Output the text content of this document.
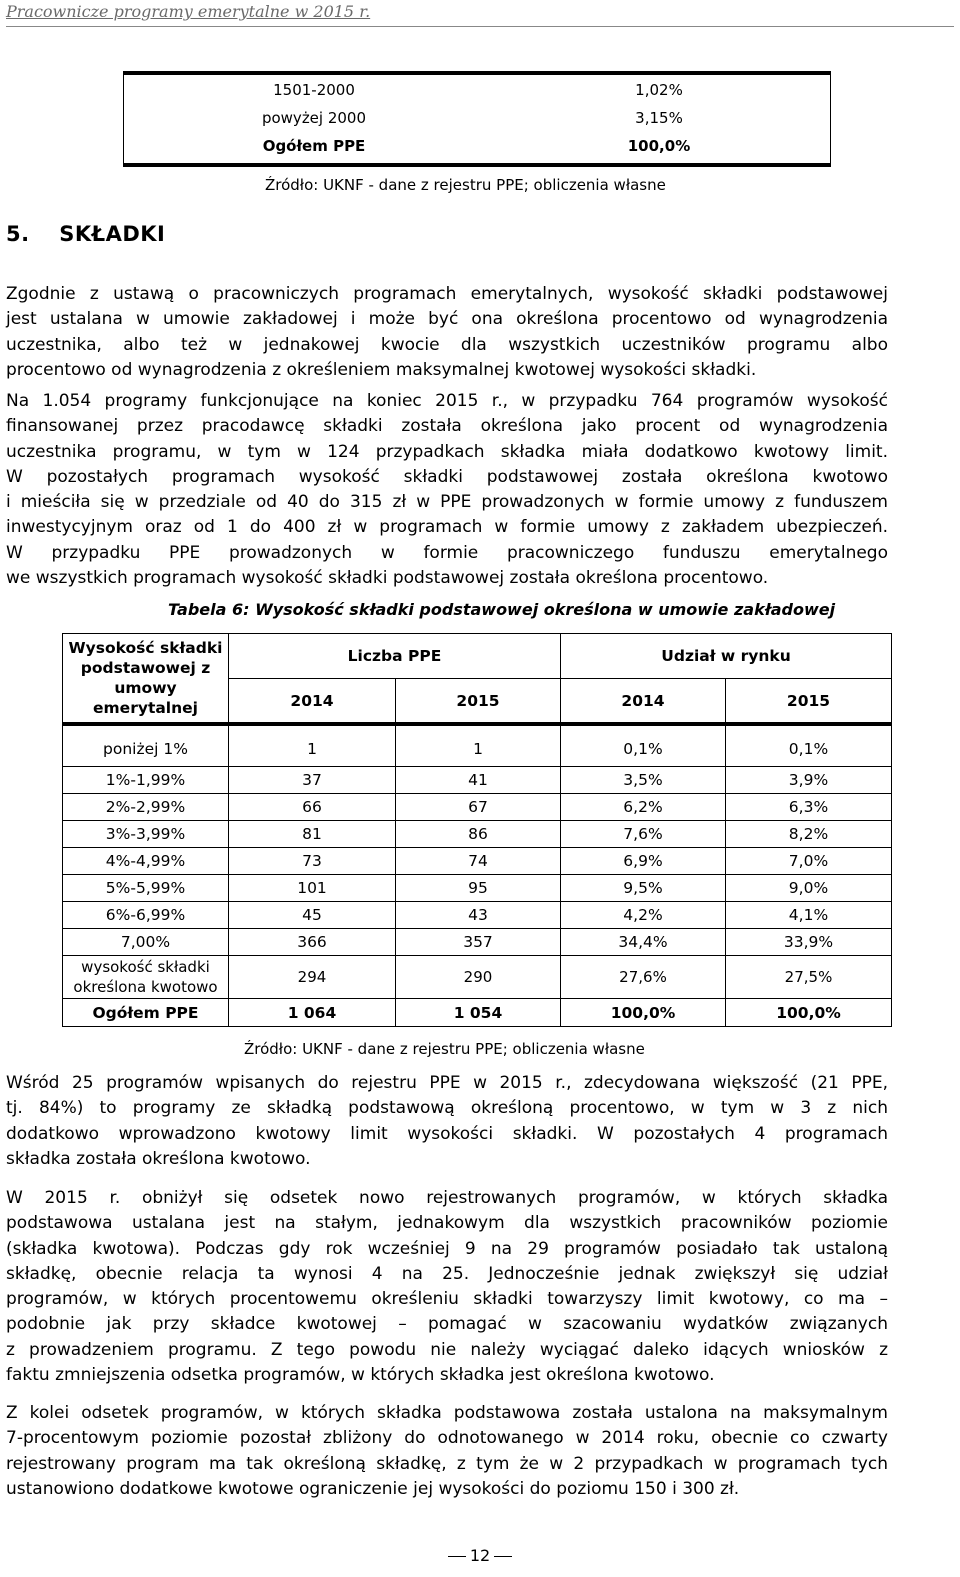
Pracownicze programy emerytalne w 2015 r.
1501-2000	1,02%
powyżej 2000	3,15%
Ogółem PPE	100,0%
Źródło: UKNF - dane z rejestru PPE; obliczenia własne
5. SKŁADKI
Zgodnie z ustawą o pracowniczych programach emerytalnych, wysokość składki podstawowej
jest ustalana w umowie zakładowej i może być ona określona procentowo od wynagrodzenia
uczestnika, albo też w jednakowej kwocie dla wszystkich uczestników programu albo
procentowo od wynagrodzenia z określeniem maksymalnej kwotowej wysokości składki.
Na 1.054 programy funkcjonujące na koniec 2015 r., w przypadku 764 programów wysokość
finansowanej przez pracodawcę składki została określona jako procent od wynagrodzenia
uczestnika programu, w tym w 124 przypadkach składka miała dodatkowo kwotowy limit.
W pozostałych programach wysokość składki podstawowej została określona kwotowo
i mieściła się w przedziale od 40 do 315 zł w PPE prowadzonych w formie umowy z funduszem
inwestycyjnym oraz od 1 do 400 zł w programach w formie umowy z zakładem ubezpieczeń.
W przypadku PPE prowadzonych w formie pracowniczego funduszu emerytalnego
we wszystkich programach wysokość składki podstawowej została określona procentowo.
Tabela 6: Wysokość składki podstawowej określona w umowie zakładowej
Wysokość składki podstawowej z umowy emerytalnej	Liczba PPE		Udział w rynku	
	2014	2015	2014	2015
poniżej 1%	1	1	0,1%	0,1%
1%-1,99%	37	41	3,5%	3,9%
2%-2,99%	66	67	6,2%	6,3%
3%-3,99%	81	86	7,6%	8,2%
4%-4,99%	73	74	6,9%	7,0%
5%-5,99%	101	95	9,5%	9,0%
6%-6,99%	45	43	4,2%	4,1%
7,00%	366	357	34,4%	33,9%
wysokość składki
określona kwotowo	294	290	27,6%	27,5%
Ogółem PPE	1 064	1 054	100,0%	100,0%
Źródło: UKNF - dane z rejestru PPE; obliczenia własne
Wśród 25 programów wpisanych do rejestru PPE w 2015 r., zdecydowana większość (21 PPE,
tj. 84%) to programy ze składką podstawową określoną procentowo, w tym w 3 z nich
dodatkowo wprowadzono kwotowy limit wysokości składki. W pozostałych 4 programach
składka została określona kwotowo.
W 2015 r. obniżył się odsetek nowo rejestrowanych programów, w których składka
podstawowa ustalana jest na stałym, jednakowym dla wszystkich pracowników poziomie
(składka kwotowa). Podczas gdy rok wcześniej 9 na 29 programów posiadało tak ustaloną
składkę, obecnie relacja ta wynosi 4 na 25. Jednocześnie jednak zwiększył się udział
programów, w których procentowemu określeniu składki towarzyszy limit kwotowy, co ma –
podobnie jak przy składce kwotowej – pomagać w szacowaniu wydatków związanych
z prowadzeniem programu. Z tego powodu nie należy wyciągać daleko idących wniosków z
faktu zmniejszenia odsetka programów, w których składka jest określona kwotowo.
Z kolei odsetek programów, w których składka podstawowa została ustalona na maksymalnym
7-procentowym poziomie pozostał zbliżony do odnotowanego w 2014 roku, obecnie co czwarty
rejestrowany program ma tak określoną składkę, z tym że w 2 przypadkach w programach tych
ustanowiono dodatkowe kwotowe ograniczenie jej wysokości do poziomu 150 i 300 zł.
12
